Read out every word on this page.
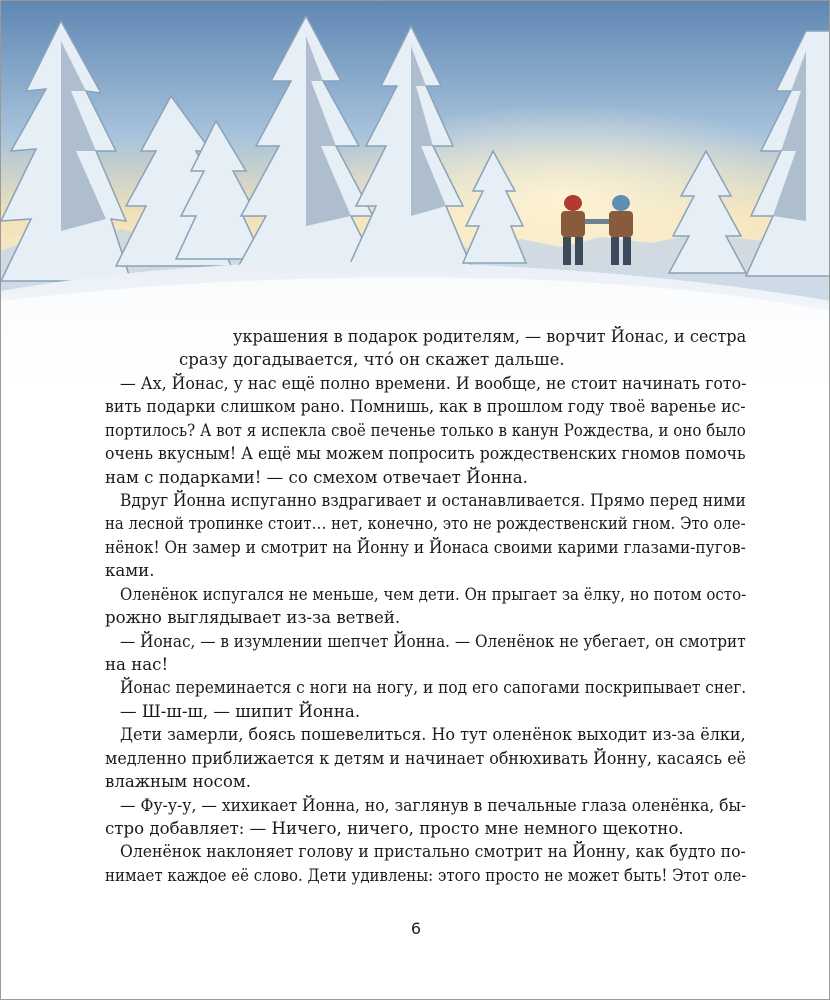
украшения в подарок родителям, — ворчит Йонас, и сестра
сразу догадывается, что́ он скажет дальше.
— Ах, Йонас, у нас ещё полно времени. И вообще, не стоит начинать гото-
вить подарки слишком рано. Помнишь, как в прошлом году твоё варенье ис-
портилось? А вот я испекла своё печенье только в канун Рождества, и оно было
очень вкусным! А ещё мы можем попросить рождественских гномов помочь
нам с подарками! — со смехом отвечает Йонна.
Вдруг Йонна испуганно вздрагивает и останавливается. Прямо перед ними
на лесной тропинке стоит… нет, конечно, это не рождественский гном. Это оле-
нёнок! Он замер и смотрит на Йонну и Йонаса своими карими глазами-пугов-
ками.
Оленёнок испугался не меньше, чем дети. Он прыгает за ёлку, но потом осто-
рожно выглядывает из-за ветвей.
— Йонас, — в изумлении шепчет Йонна. — Оленёнок не убегает, он смотрит
на нас!
Йонас переминается с ноги на ногу, и под его сапогами поскрипывает снег.
— Ш-ш-ш, — шипит Йонна.
Дети замерли, боясь пошевелиться. Но тут оленёнок выходит из-за ёлки,
медленно приближается к детям и начинает обнюхивать Йонну, касаясь её
влажным носом.
— Фу-у-у, — хихикает Йонна, но, заглянув в печальные глаза оленёнка, бы-
стро добавляет: — Ничего, ничего, просто мне немного щекотно.
Оленёнок наклоняет голову и пристально смотрит на Йонну, как будто по-
нимает каждое её слово. Дети удивлены: этого просто не может быть! Этот оле-
6
